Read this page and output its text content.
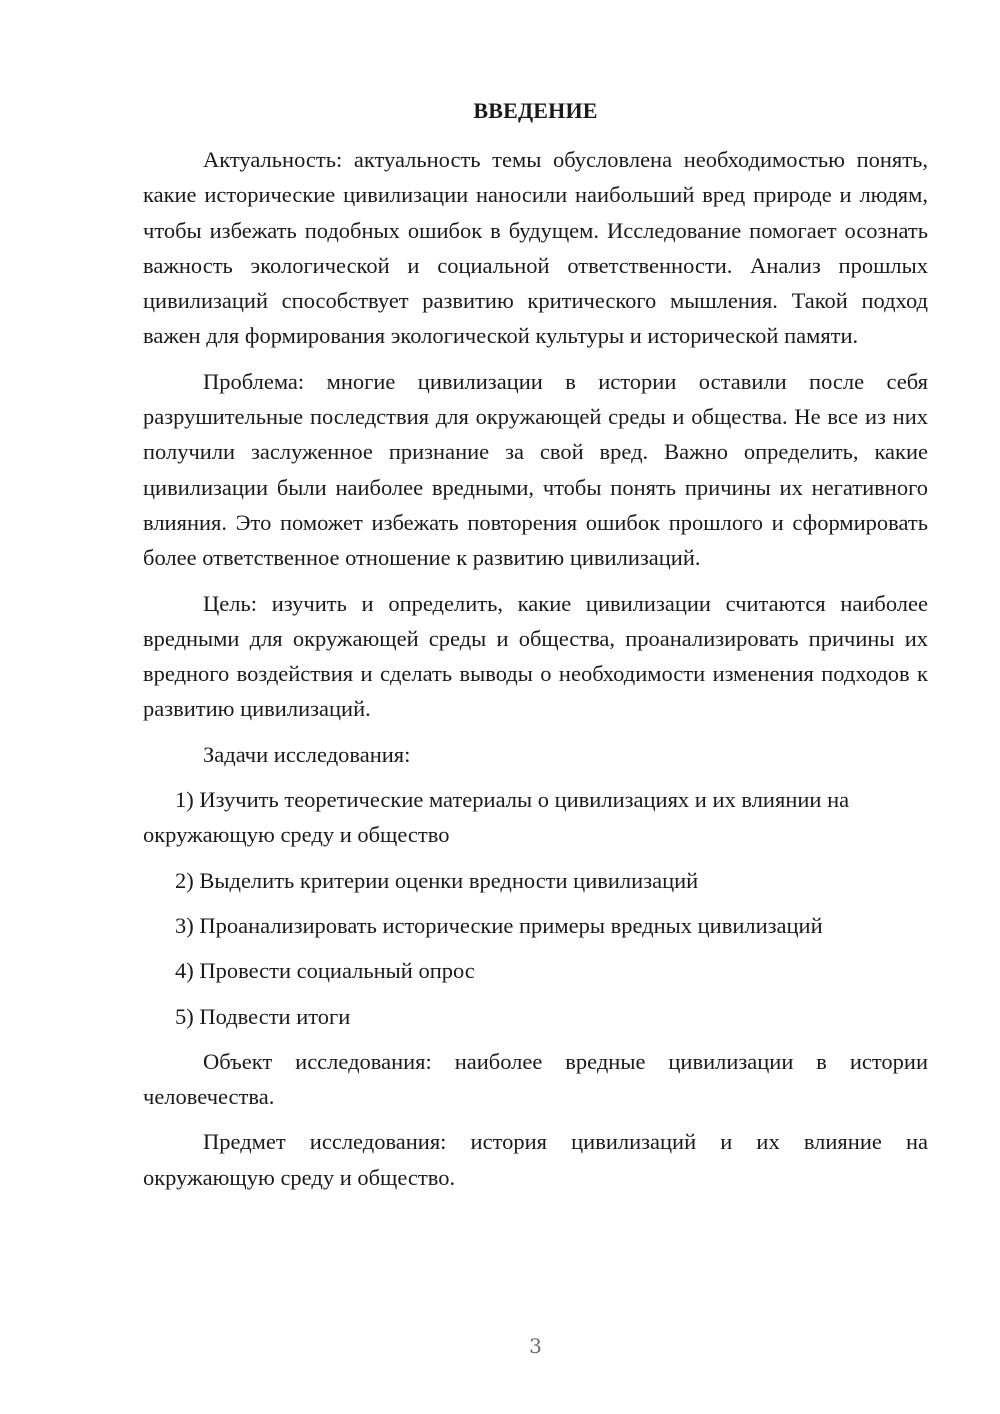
ВВЕДЕНИЕ

Актуальность: актуальность темы обусловлена необходимостью понять, какие исторические цивилизации наносили наибольший вред природе и людям, чтобы избежать подобных ошибок в будущем. Исследование помогает осознать важность экологической и социальной ответственности. Анализ прошлых цивилизаций способствует развитию критического мышления. Такой подход важен для формирования экологической культуры и исторической памяти.

Проблема: многие цивилизации в истории оставили после себя разрушительные последствия для окружающей среды и общества. Не все из них получили заслуженное признание за свой вред. Важно определить, какие цивилизации были наиболее вредными, чтобы понять причины их негативного влияния. Это поможет избежать повторения ошибок прошлого и сформировать более ответственное отношение к развитию цивилизаций.

Цель: изучить и определить, какие цивилизации считаются наиболее вредными для окружающей среды и общества, проанализировать причины их вредного воздействия и сделать выводы о необходимости изменения подходов к развитию цивилизаций.

Задачи исследования:

1) Изучить теоретические материалы о цивилизациях и их влиянии на окружающую среду и общество

2) Выделить критерии оценки вредности цивилизаций

3) Проанализировать исторические примеры вредных цивилизаций

4) Провести социальный опрос

5) Подвести итоги

Объект исследования: наиболее вредные цивилизации в истории человечества.

Предмет исследования: история цивилизаций и их влияние на окружающую среду и общество.

3
